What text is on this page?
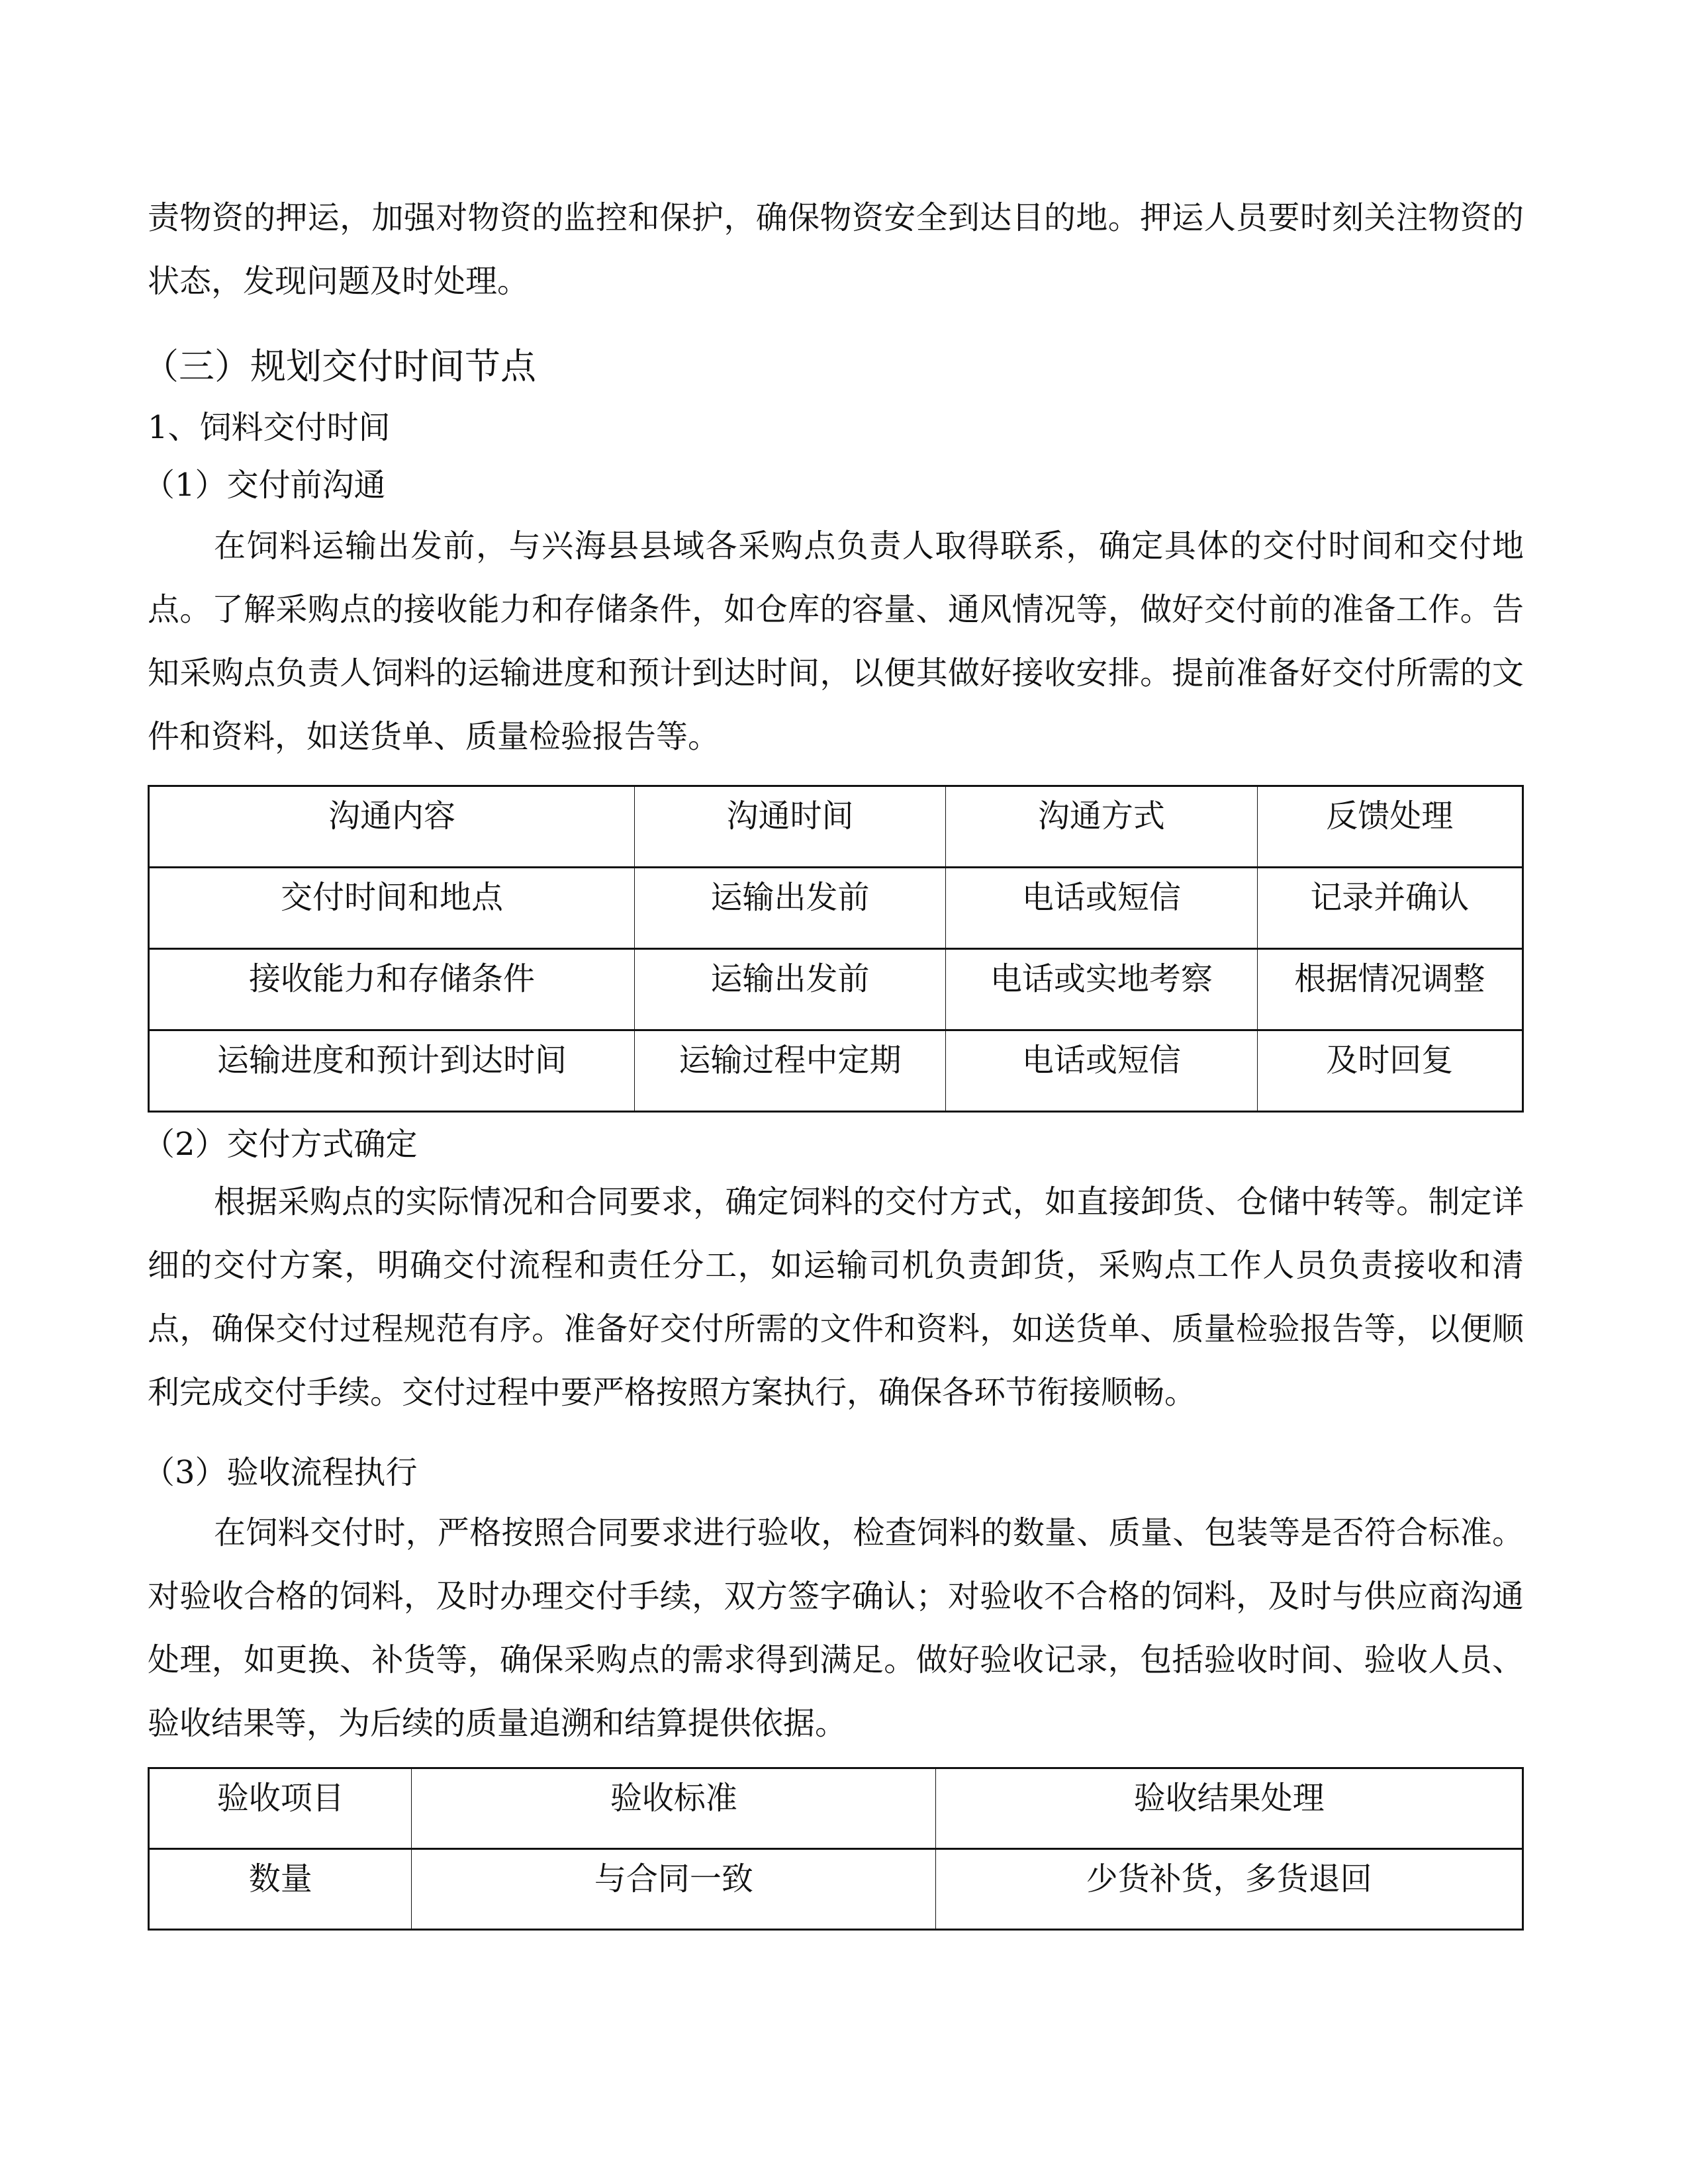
责物资的押运，加强对物资的监控和保护，确保物资安全到达目的地。押运人员要时刻关注物资的状态，发现问题及时处理。
（三）规划交付时间节点
1、饲料交付时间
（1）交付前沟通
在饲料运输出发前，与兴海县县域各采购点负责人取得联系，确定具体的交付时间和交付地点。了解采购点的接收能力和存储条件，如仓库的容量、通风情况等，做好交付前的准备工作。告知采购点负责人饲料的运输进度和预计到达时间，以便其做好接收安排。提前准备好交付所需的文件和资料，如送货单、质量检验报告等。
沟通内容	沟通时间	沟通方式	反馈处理
交付时间和地点	运输出发前	电话或短信	记录并确认
接收能力和存储条件	运输出发前	电话或实地考察	根据情况调整
运输进度和预计到达时间	运输过程中定期	电话或短信	及时回复
（2）交付方式确定
根据采购点的实际情况和合同要求，确定饲料的交付方式，如直接卸货、仓储中转等。制定详细的交付方案，明确交付流程和责任分工，如运输司机负责卸货，采购点工作人员负责接收和清点，确保交付过程规范有序。准备好交付所需的文件和资料，如送货单、质量检验报告等，以便顺利完成交付手续。交付过程中要严格按照方案执行，确保各环节衔接顺畅。
（3）验收流程执行
在饲料交付时，严格按照合同要求进行验收，检查饲料的数量、质量、包装等是否符合标准。对验收合格的饲料，及时办理交付手续，双方签字确认；对验收不合格的饲料，及时与供应商沟通处理，如更换、补货等，确保采购点的需求得到满足。做好验收记录，包括验收时间、验收人员、验收结果等，为后续的质量追溯和结算提供依据。
验收项目	验收标准	验收结果处理
数量	与合同一致	少货补货，多货退回
